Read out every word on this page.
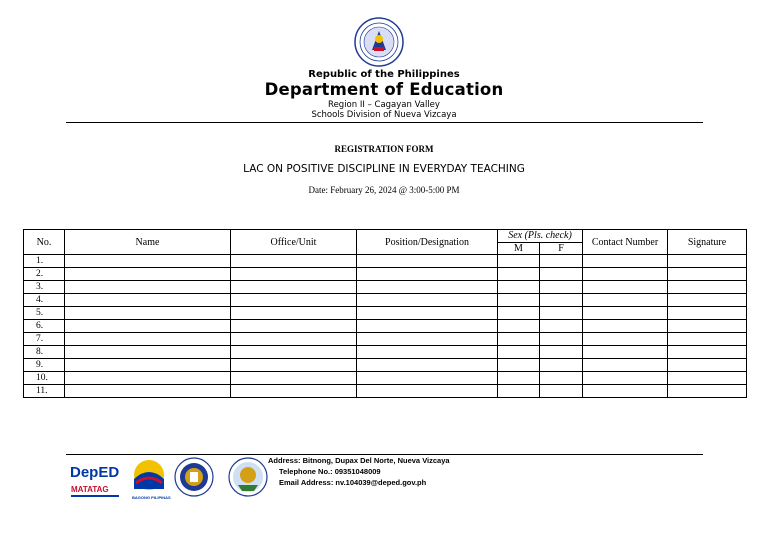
Republic of the Philippines
Department of Education
Region II – Cagayan Valley
Schools Division of Nueva Vizcaya
REGISTRATION FORM
LAC ON POSITIVE DISCIPLINE IN EVERYDAY TEACHING
Date: February 26, 2024 @ 3:00-5:00 PM
No.	Name	Office/Unit	Position/Designation	Sex (Pls. check)		Contact Number	Signature
				M	F		
1.							
2.							
3.							
4.							
5.							
6.							
7.							
8.							
9.							
10.							
11.							
DepED
MATATAG
BAGONG PILIPINAS
Address: Bitnong, Dupax Del Norte, Nueva Vizcaya
Telephone No.: 09351048009
Email Address: nv.104039@deped.gov.ph
